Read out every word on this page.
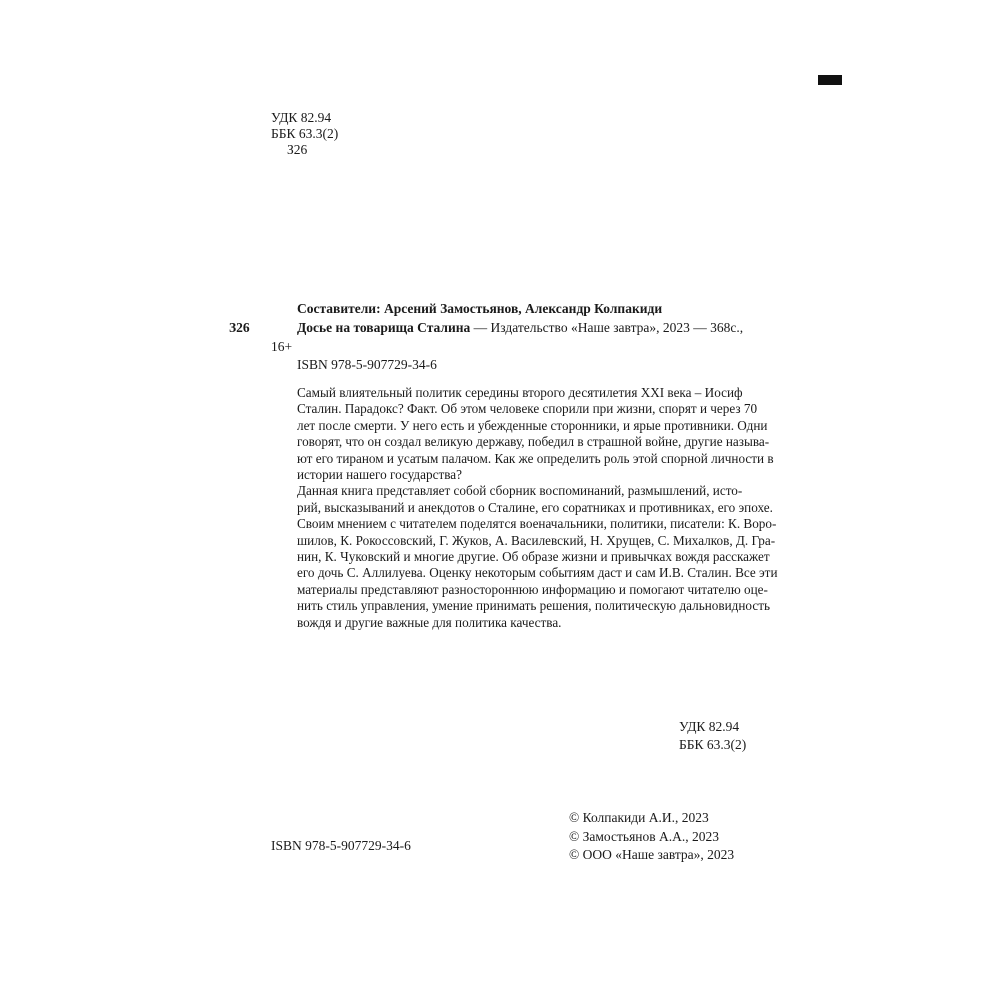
УДК 82.94
ББК 63.3(2)
З26
Составители: Арсений Замостьянов, Александр Колпакиди
З26	Досье на товарища Сталина — Издательство «Наше завтра», 2023 — 368с.,
16+
ISBN 978-5-907729-34-6

Самый влиятельный политик середины второго десятилетия XXI века – Иосиф
Сталин. Парадокс? Факт. Об этом человеке спорили при жизни, спорят и через 70
лет после смерти. У него есть и убежденные сторонники, и ярые противники. Одни
говорят, что он создал великую державу, победил в страшной войне, другие называ-
ют его тираном и усатым палачом. Как же определить роль этой спорной личности в
истории нашего государства?

Данная книга представляет собой сборник воспоминаний, размышлений, исто-
рий, высказываний и анекдотов о Сталине, его соратниках и противниках, его эпохе.
Своим мнением с читателем поделятся военачальники, политики, писатели: К. Воро-
шилов, К. Рокоссовский, Г. Жуков, А. Василевский, Н. Хрущев, С. Михалков, Д. Гра-
нин, К. Чуковский и многие другие. Об образе жизни и привычках вождя расскажет
его дочь С. Аллилуева. Оценку некоторым событиям даст и сам И.В. Сталин. Все эти
материалы представляют разностороннюю информацию и помогают читателю оце-
нить стиль управления, умение принимать решения, политическую дальновидность
вождя и другие важные для политика качества.

УДК 82.94
ББК 63.3(2)
© Колпакиди А.И., 2023
© Замостьянов А.А., 2023
© ООО «Наше завтра», 2023
ISBN 978-5-907729-34-6
